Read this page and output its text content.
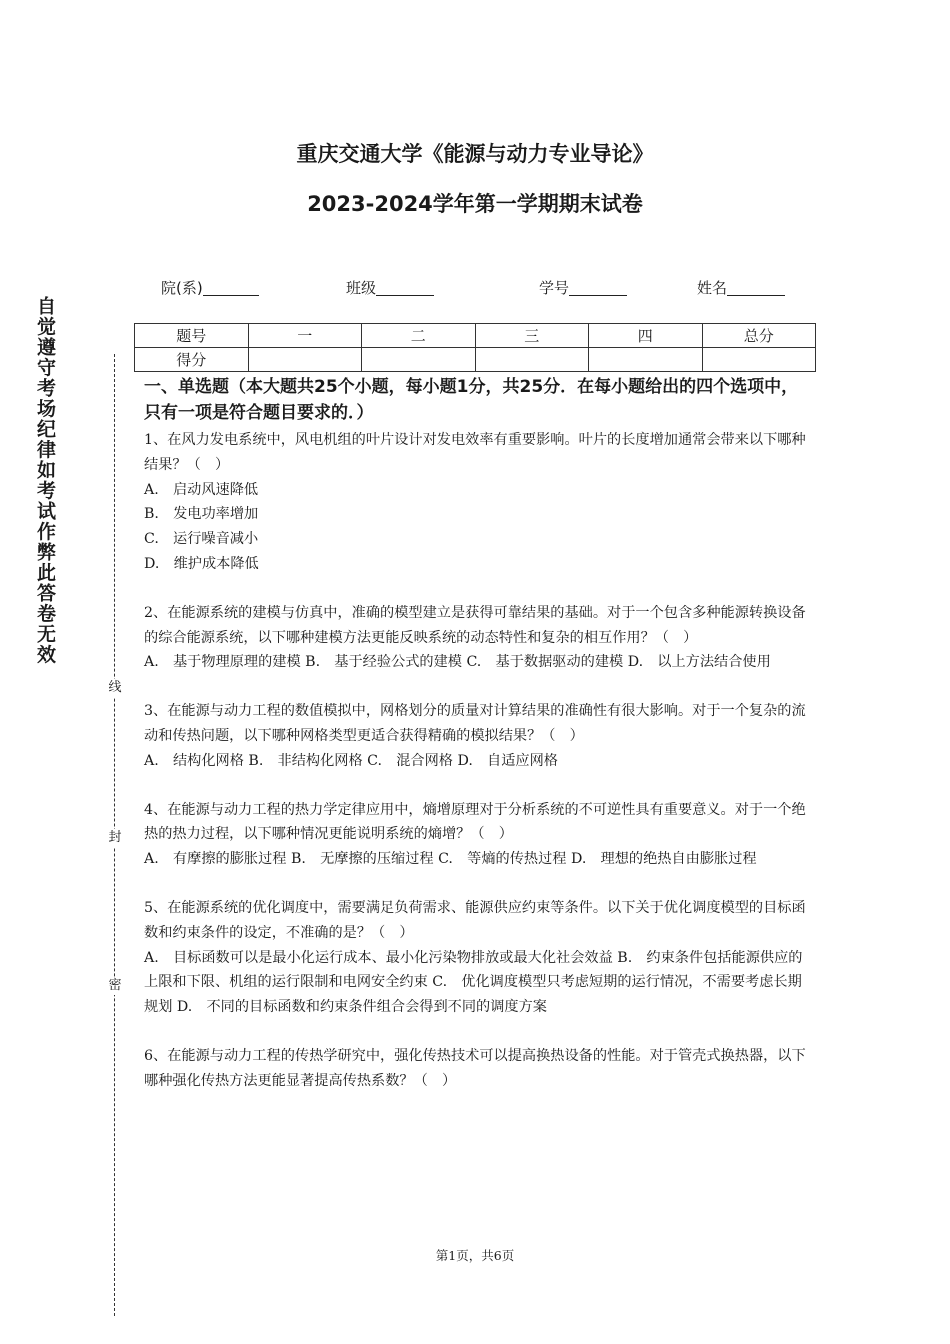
自觉遵守考场纪律如考试作弊此答卷无效
线
封
密
重庆交通大学《能源与动力专业导论》
2023-2024学年第一学期期末试卷
院(系)	班级	学号	姓名
题号	一	二	三	四	总分
得分					

一、单选题（本大题共25个小题，每小题1分，共25分．在每小题给出的四个选项中，只有一项是符合题目要求的．）

1、在风力发电系统中，风电机组的叶片设计对发电效率有重要影响。叶片的长度增加通常会带来以下哪种结果？（　）

A.　启动风速降低

B.　发电功率增加

C.　运行噪音减小

D.　维护成本降低

2、在能源系统的建模与仿真中，准确的模型建立是获得可靠结果的基础。对于一个包含多种能源转换设备的综合能源系统，以下哪种建模方法更能反映系统的动态特性和复杂的相互作用？（　）

A.　基于物理原理的建模 B.　基于经验公式的建模 C.　基于数据驱动的建模 D.　以上方法结合使用

3、在能源与动力工程的数值模拟中，网格划分的质量对计算结果的准确性有很大影响。对于一个复杂的流动和传热问题，以下哪种网格类型更适合获得精确的模拟结果？（　）

A.　结构化网格 B.　非结构化网格 C.　混合网格 D.　自适应网格

4、在能源与动力工程的热力学定律应用中，熵增原理对于分析系统的不可逆性具有重要意义。对于一个绝热的热力过程，以下哪种情况更能说明系统的熵增？（　）

A.　有摩擦的膨胀过程 B.　无摩擦的压缩过程 C.　等熵的传热过程 D.　理想的绝热自由膨胀过程

5、在能源系统的优化调度中，需要满足负荷需求、能源供应约束等条件。以下关于优化调度模型的目标函数和约束条件的设定，不准确的是？（　）

A.　目标函数可以是最小化运行成本、最小化污染物排放或最大化社会效益 B.　约束条件包括能源供应的上限和下限、机组的运行限制和电网安全约束 C.　优化调度模型只考虑短期的运行情况，不需要考虑长期规划 D.　不同的目标函数和约束条件组合会得到不同的调度方案

6、在能源与动力工程的传热学研究中，强化传热技术可以提高换热设备的性能。对于管壳式换热器，以下哪种强化传热方法更能显著提高传热系数？（　）

第1页，共6页
